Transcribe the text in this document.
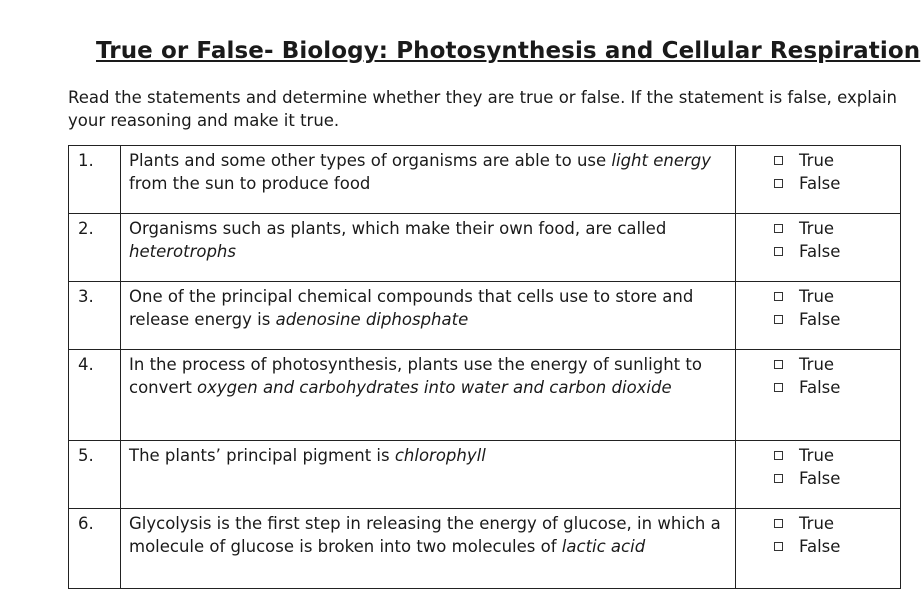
True or False- Biology: Photosynthesis and Cellular Respiration
Read the statements and determine whether they are true or false. If the statement is false, explain your reasoning and make it true.
1.	Plants and some other types of organisms are able to use light energy from the sun to produce food	True
False

2.	Organisms such as plants, which make their own food, are called heterotrophs	True
False

3.	One of the principal chemical compounds that cells use to store and release energy is adenosine diphosphate	True
False

4.	In the process of photosynthesis, plants use the energy of sunlight to convert oxygen and carbohydrates into water and carbon dioxide	True
False

5.	The plants’ principal pigment is chlorophyll	True
False

6.	Glycolysis is the first step in releasing the energy of glucose, in which a molecule of glucose is broken into two molecules of lactic acid	True
False
